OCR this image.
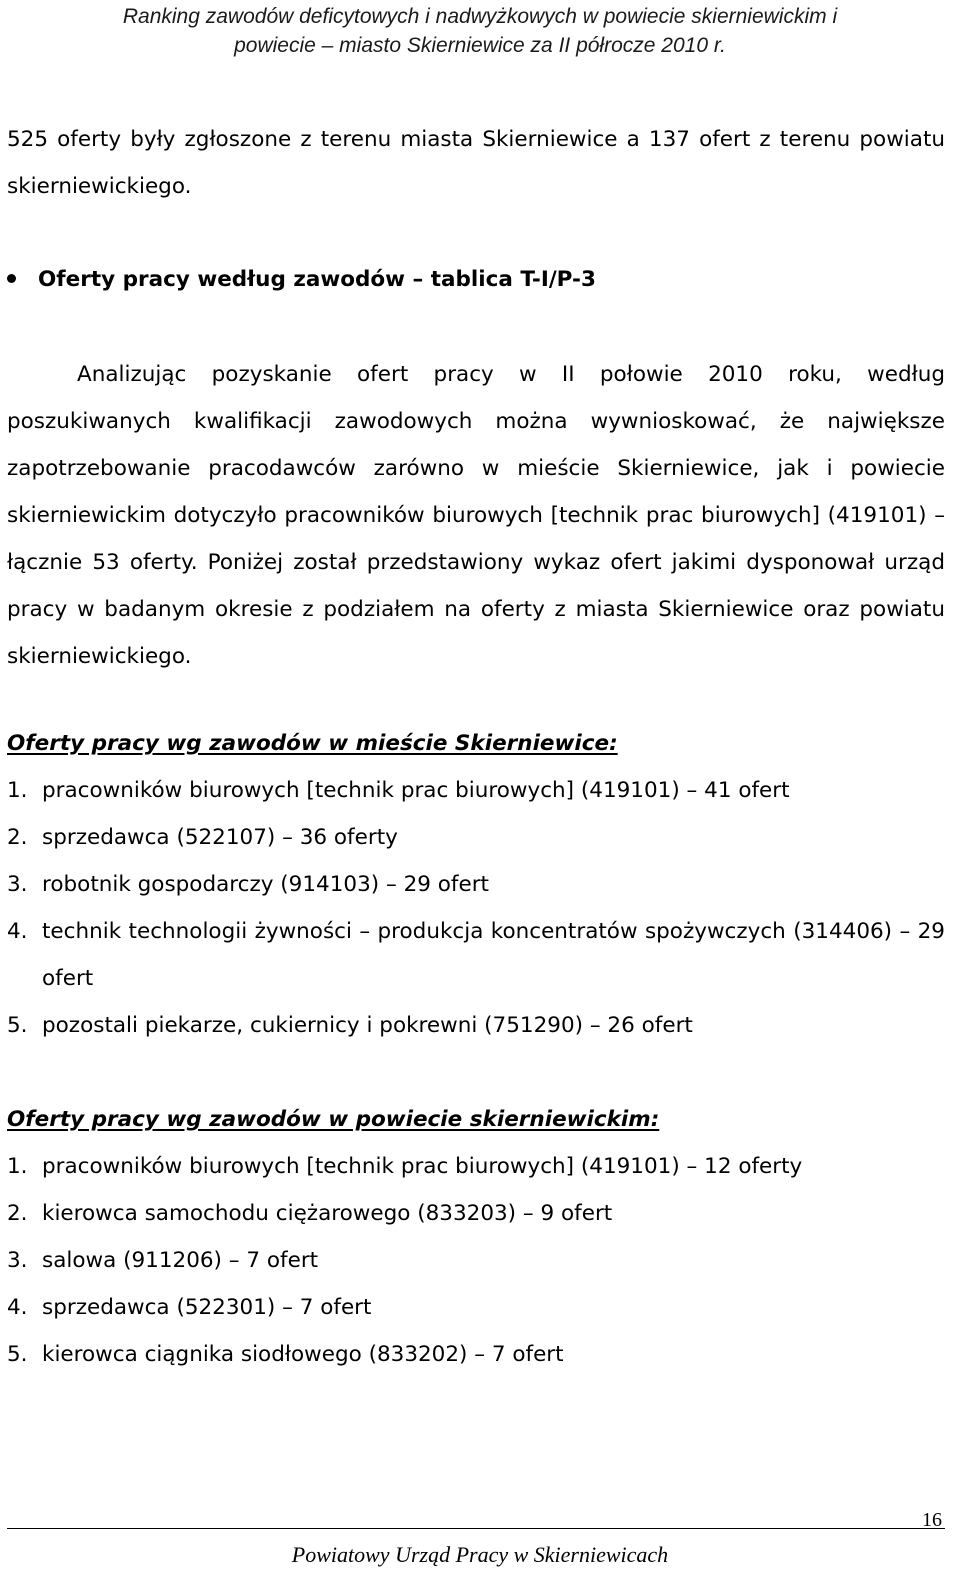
Ranking zawodów deficytowych i nadwyżkowych w powiecie skierniewickim i
powiecie – miasto Skierniewice za II półrocze 2010 r.

525 oferty były zgłoszone z terenu miasta Skierniewice a 137 ofert z terenu powiatu skierniewickiego.

Oferty pracy według zawodów – tablica T-I/P-3

Analizując pozyskanie ofert pracy w II połowie 2010 roku, według poszukiwanych kwalifikacji zawodowych można wywnioskować, że największe zapotrzebowanie pracodawców zarówno w mieście Skierniewice, jak i powiecie skierniewickim dotyczyło pracowników biurowych [technik prac biurowych] (419101) – łącznie 53 oferty. Poniżej został przedstawiony wykaz ofert jakimi dysponował urząd pracy w badanym okresie z podziałem na oferty z miasta Skierniewice oraz powiatu skierniewickiego.

Oferty pracy wg zawodów w mieście Skierniewice:
1. pracowników biurowych [technik prac biurowych] (419101) – 41 ofert
2. sprzedawca (522107) – 36 oferty
3. robotnik gospodarczy (914103) – 29 ofert
4. technik technologii żywności – produkcja koncentratów spożywczych (314406) – 29 ofert
5. pozostali piekarze, cukiernicy i pokrewni (751290) – 26 ofert
Oferty pracy wg zawodów w powiecie skierniewickim:
1. pracowników biurowych [technik prac biurowych] (419101) – 12 oferty
2. kierowca samochodu ciężarowego (833203) – 9 ofert
3. salowa (911206) – 7 ofert
4. sprzedawca (522301) – 7 ofert
5. kierowca ciągnika siodłowego (833202) – 7 ofert
16
Powiatowy Urząd Pracy w Skierniewicach
